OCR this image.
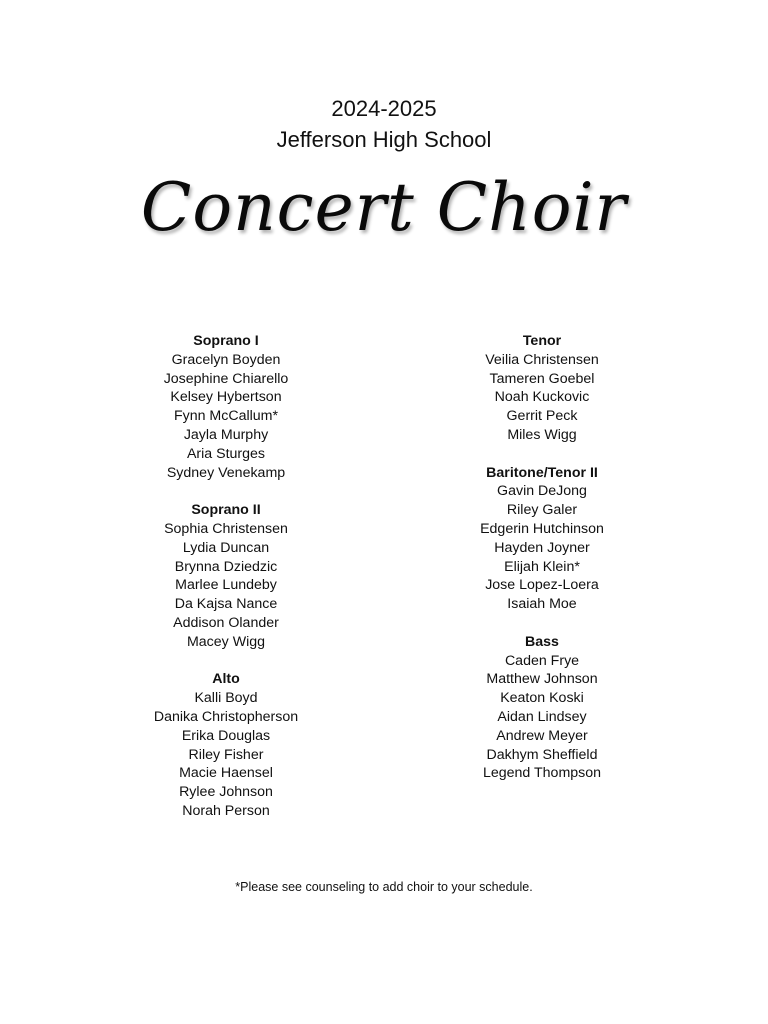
2024-2025
Jefferson High School
Concert Choir
Soprano I
Gracelyn Boyden
Josephine Chiarello
Kelsey Hybertson
Fynn McCallum*
Jayla Murphy
Aria Sturges
Sydney Venekamp
Soprano II
Sophia Christensen
Lydia Duncan
Brynna Dziedzic
Marlee Lundeby
Da Kajsa Nance
Addison Olander
Macey Wigg
Alto
Kalli Boyd
Danika Christopherson
Erika Douglas
Riley Fisher
Macie Haensel
Rylee Johnson
Norah Person
Tenor
Veilia Christensen
Tameren Goebel
Noah Kuckovic
Gerrit Peck
Miles Wigg
Baritone/Tenor II
Gavin DeJong
Riley Galer
Edgerin Hutchinson
Hayden Joyner
Elijah Klein*
Jose Lopez-Loera
Isaiah Moe
Bass
Caden Frye
Matthew Johnson
Keaton Koski
Aidan Lindsey
Andrew Meyer
Dakhym Sheffield
Legend Thompson
*Please see counseling to add choir to your schedule.
